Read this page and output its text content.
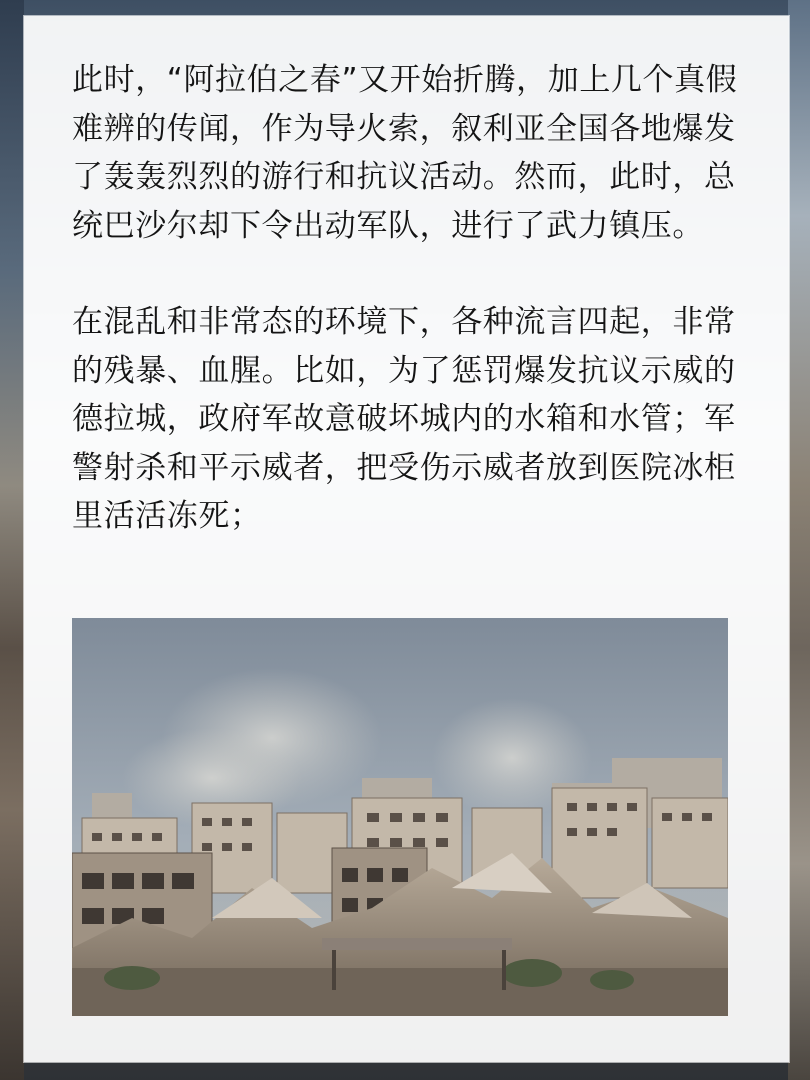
此时，“阿拉伯之春”又开始折腾，加上几个真假难辨的传闻，作为导火索，叙利亚全国各地爆发了轰轰烈烈的游行和抗议活动。然而，此时，总统巴沙尔却下令出动军队，进行了武力镇压。

在混乱和非常态的环境下，各种流言四起，非常的残暴、血腥。比如，为了惩罚爆发抗议示威的德拉城，政府军故意破坏城内的水箱和水管；军警射杀和平示威者，把受伤示威者放到医院冰柜里活活冻死；
